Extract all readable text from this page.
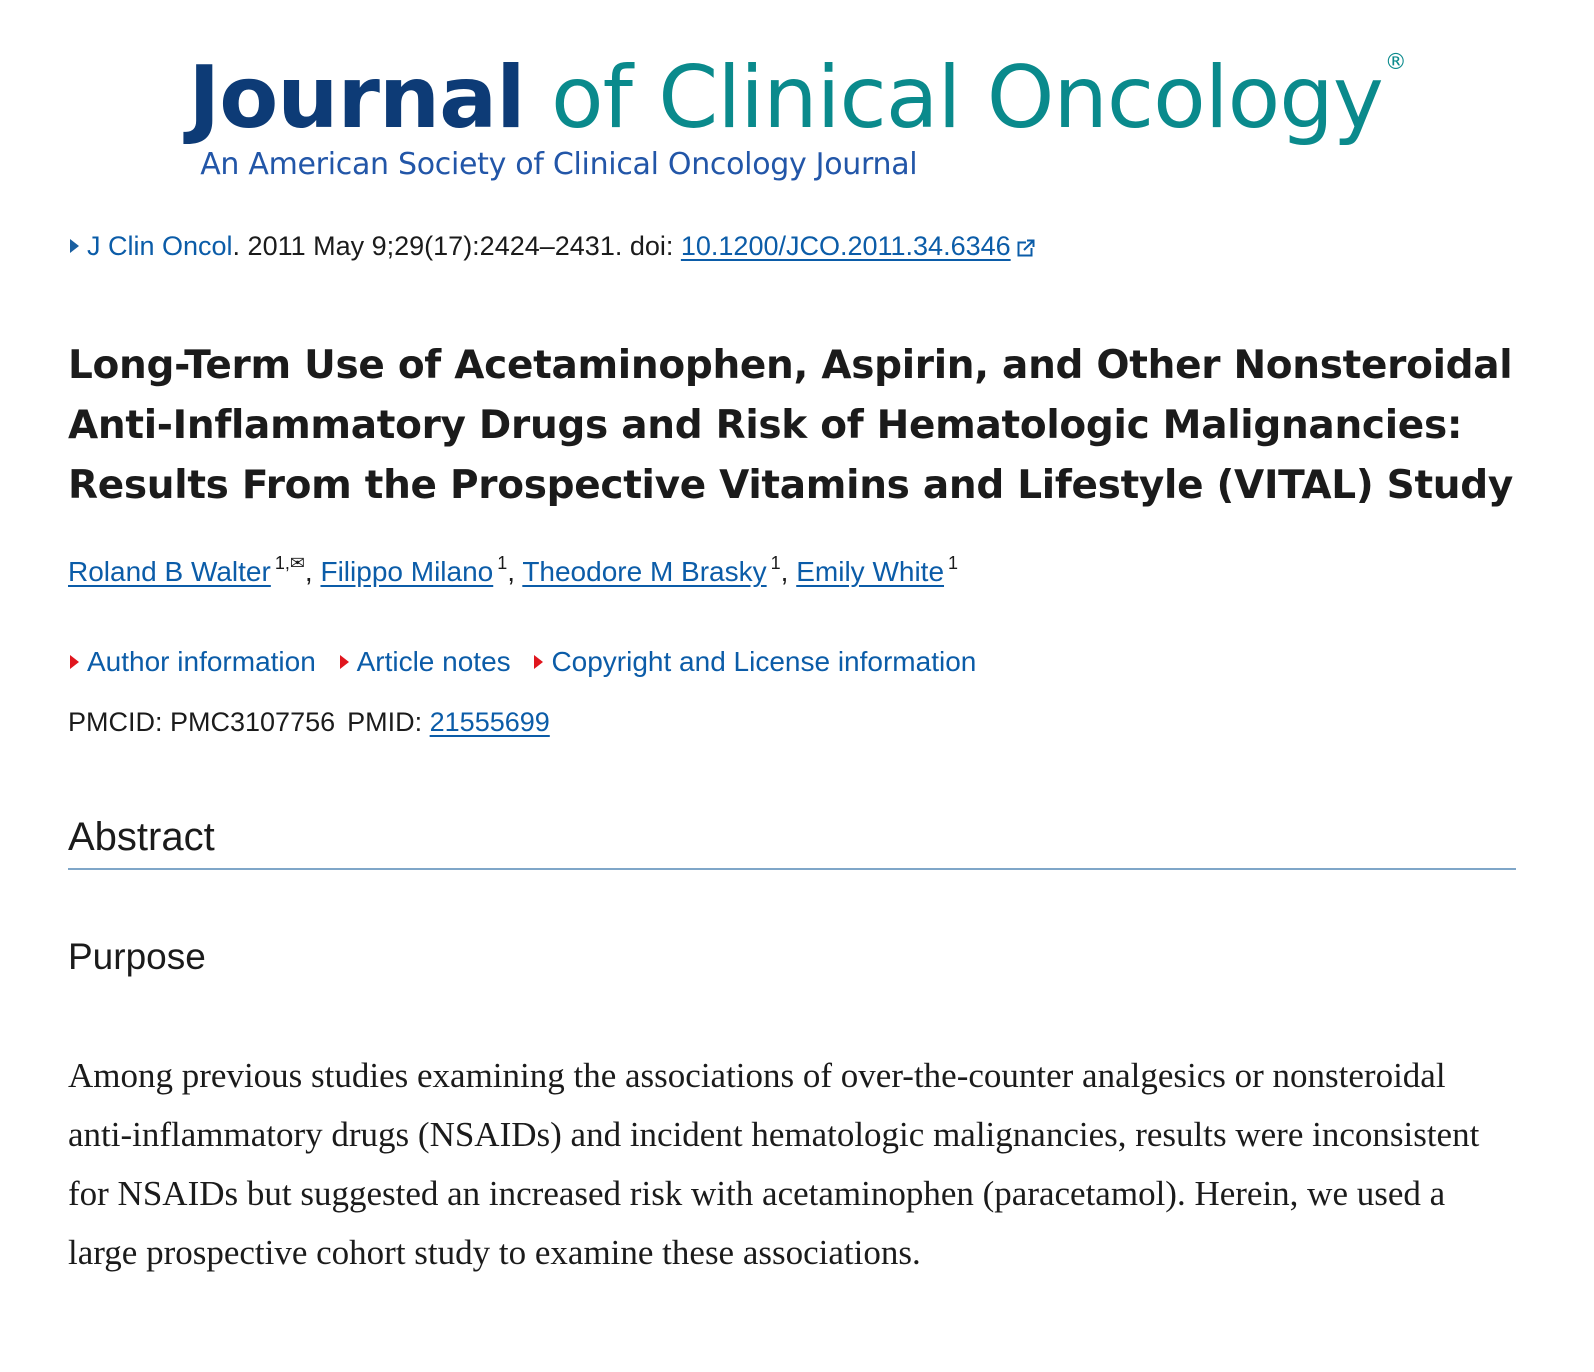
Journal of Clinical Oncology®
An American Society of Clinical Oncology Journal
J Clin Oncol. 2011 May 9;29(17):2424–2431. doi: 10.1200/JCO.2011.34.6346
Long-Term Use of Acetaminophen, Aspirin, and Other Nonsteroidal Anti-Inflammatory Drugs and Risk of Hematologic Malignancies: Results From the Prospective Vitamins and Lifestyle (VITAL) Study
Roland B Walter $^{1,✉}$, Filippo Milano $^1$, Theodore M Brasky $^1$, Emily White $^1$
Author information Article notes Copyright and License information
PMCID: PMC3107756 PMID: 21555699
Abstract
Purpose

Among previous studies examining the associations of over-the-counter analgesics or nonsteroidal anti-inflammatory drugs (NSAIDs) and incident hematologic malignancies, results were inconsistent for NSAIDs but suggested an increased risk with acetaminophen (paracetamol). Herein, we used a large prospective cohort study to examine these associations.
